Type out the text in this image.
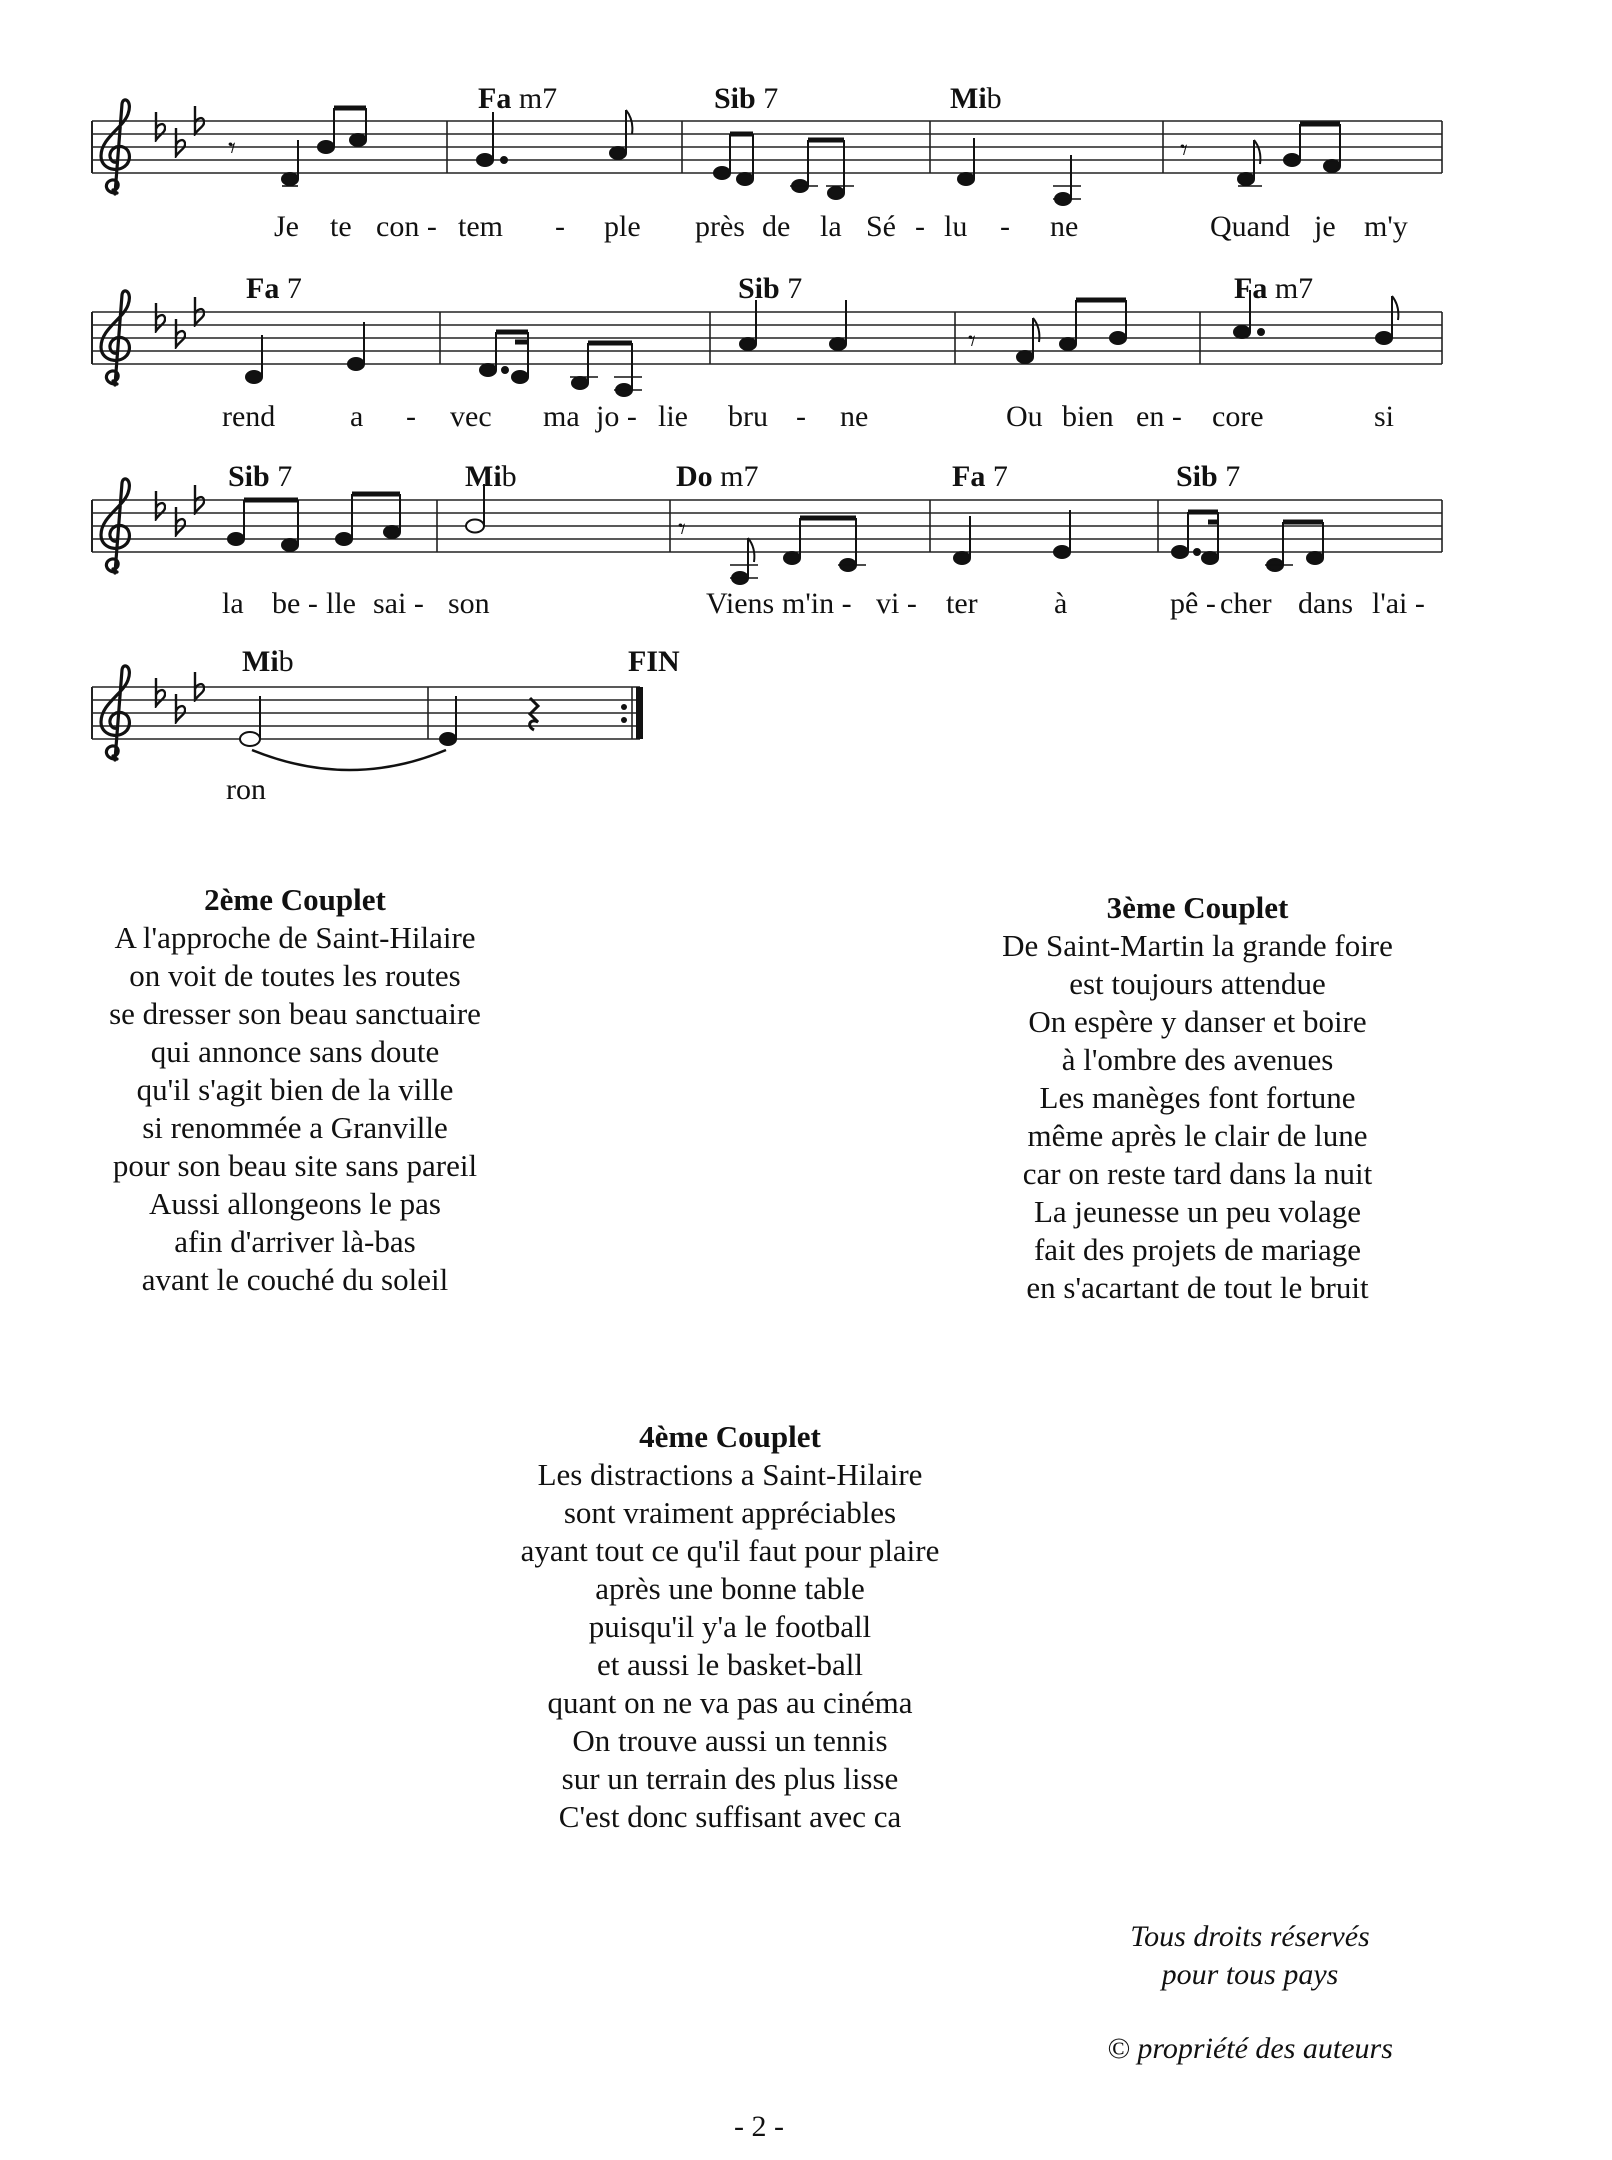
𝄾	𝄾
𝄾
𝄾
Fa m7	Sib 7	Mib
Fa 7	Sib 7	Fa m7
Sib 7	Mib	Do m7	Fa 7	Sib 7
Mib	FIN
Je te con - tem - ple près de la Sé - lu - ne	Quand je m'y
rend a - vec ma jo - lie bru - ne	Ou bien en - core	si
la be - lle sai - son	Viens m'in - vi - ter	à	pê - cher dans l'ai -
ron
2ème Couplet
A l'approche de Saint-Hilaire
on voit de toutes les routes
se dresser son beau sanctuaire
qui annonce sans doute
qu'il s'agit bien de la ville
si renommée a Granville
pour son beau site sans pareil
Aussi allongeons le pas
afin d'arriver là-bas
avant le couché du soleil
3ème Couplet
De Saint-Martin la grande foire
est toujours attendue
On espère y danser et boire
à l'ombre des avenues
Les manèges font fortune
même après le clair de lune
car on reste tard dans la nuit
La jeunesse un peu volage
fait des projets de mariage
en s'acartant de tout le bruit
4ème Couplet
Les distractions a Saint-Hilaire
sont vraiment appréciables
ayant tout ce qu'il faut pour plaire
après une bonne table
puisqu'il y'a le football
et aussi le basket-ball
quant on ne va pas au cinéma
On trouve aussi un tennis
sur un terrain des plus lisse
C'est donc suffisant avec ca
Tous droits réservés
pour tous pays
© propriété des auteurs
- 2 -
